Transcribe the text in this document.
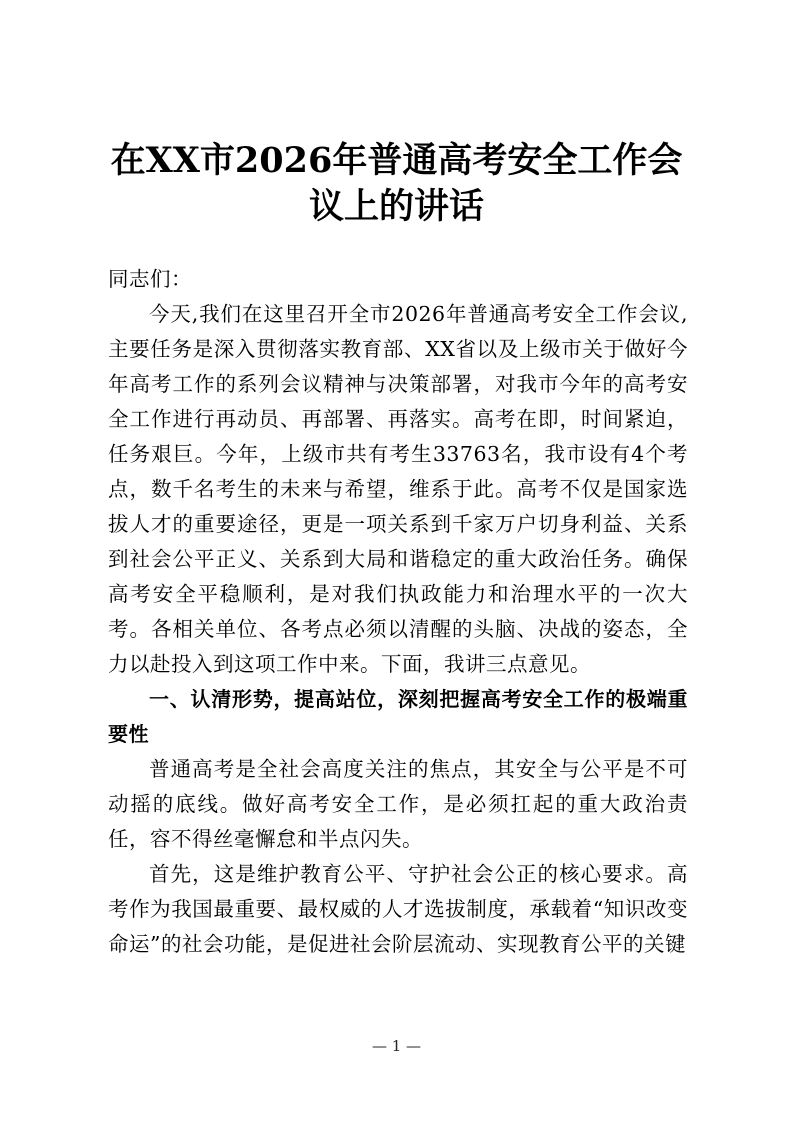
在XX市2026年普通高考安全工作会议上的讲话

同志们：

今天,我们在这里召开全市2026年普通高考安全工作会议,主要任务是深入贯彻落实教育部、XX省以及上级市关于做好今年高考工作的系列会议精神与决策部署，对我市今年的高考安全工作进行再动员、再部署、再落实。高考在即，时间紧迫，任务艰巨。今年，上级市共有考生33763名，我市设有4个考点，数千名考生的未来与希望，维系于此。高考不仅是国家选拔人才的重要途径，更是一项关系到千家万户切身利益、关系到社会公平正义、关系到大局和谐稳定的重大政治任务。确保高考安全平稳顺利，是对我们执政能力和治理水平的一次大考。各相关单位、各考点必须以清醒的头脑、决战的姿态，全力以赴投入到这项工作中来。下面，我讲三点意见。

一、认清形势，提高站位，深刻把握高考安全工作的极端重要性

普通高考是全社会高度关注的焦点，其安全与公平是不可动摇的底线。做好高考安全工作，是必须扛起的重大政治责任，容不得丝毫懈怠和半点闪失。

首先，这是维护教育公平、守护社会公正的核心要求。高考作为我国最重要、最权威的人才选拔制度，承载着“知识改变命运”的社会功能，是促进社会阶层流动、实现教育公平的关键

— 1 —
